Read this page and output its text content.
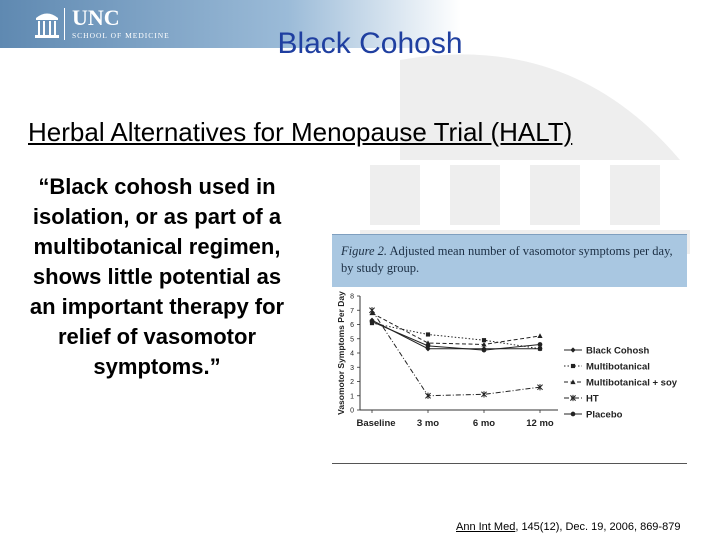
UNC
SCHOOL OF MEDICINE	Black Cohosh
Herbal Alternatives for Menopause Trial (HALT)
“Black cohosh used in isolation, or as part of a multibotanical regimen, shows little potential as an important therapy for relief of vasomotor symptoms.”
Figure 2. Adjusted mean number of vasomotor symptoms per day, by study group.
Vasomotor Symptoms Per Day 0
1
2
3
4
5
6
7
8
Baseline 3 mo	6 mo	12 mo
Black Cohosh
Multibotanical
Multibotanical + soy
HT
Placebo
Ann Int Med, 145(12), Dec. 19, 2006, 869-879
